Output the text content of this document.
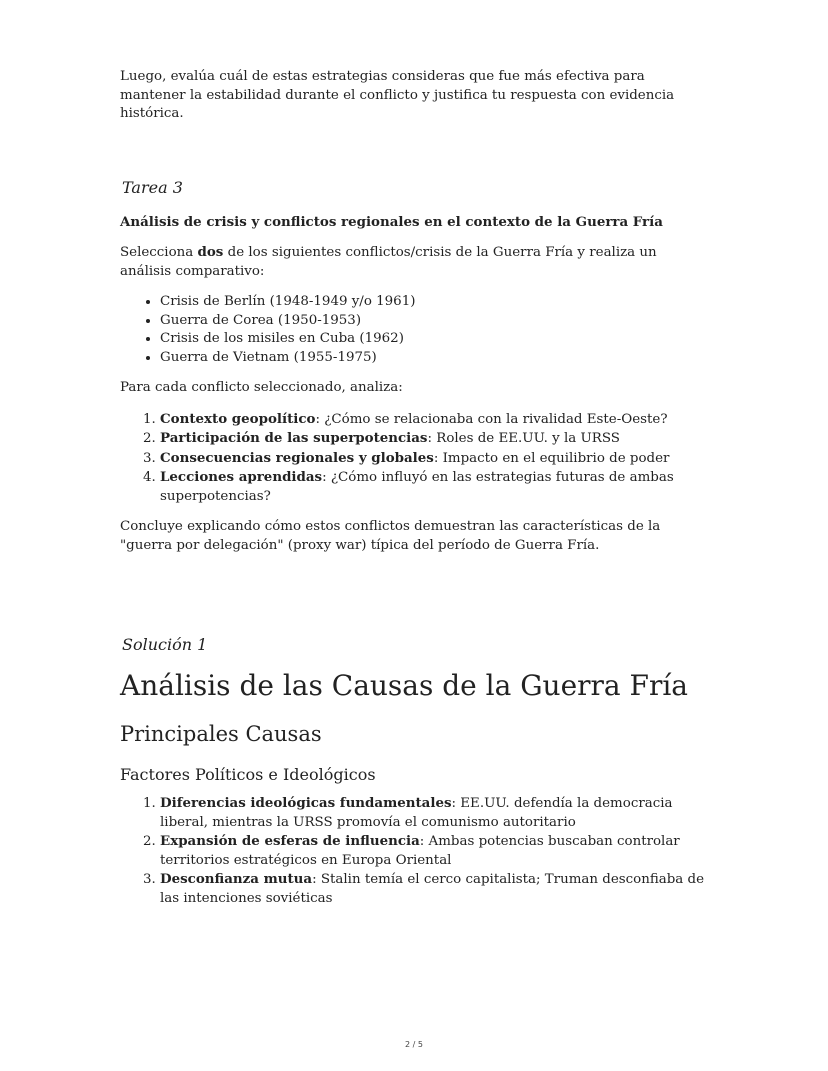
Luego, evalúa cuál de estas estrategias consideras que fue más efectiva para mantener la estabilidad durante el conflicto y justifica tu respuesta con evidencia histórica.

Tarea 3

Análisis de crisis y conflictos regionales en el contexto de la Guerra Fría

Selecciona dos de los siguientes conflictos/crisis de la Guerra Fría y realiza un análisis comparativo:

• Crisis de Berlín (1948-1949 y/o 1961)
• Guerra de Corea (1950-1953)
• Crisis de los misiles en Cuba (1962)
• Guerra de Vietnam (1955-1975)

Para cada conflicto seleccionado, analiza:

1. Contexto geopolítico: ¿Cómo se relacionaba con la rivalidad Este-Oeste?
2. Participación de las superpotencias: Roles de EE.UU. y la URSS
3. Consecuencias regionales y globales: Impacto en el equilibrio de poder
4. Lecciones aprendidas: ¿Cómo influyó en las estrategias futuras de ambas superpotencias?

Concluye explicando cómo estos conflictos demuestran las características de la "guerra por delegación" (proxy war) típica del período de Guerra Fría.

Solución 1
Análisis de las Causas de la Guerra Fría
Principales Causas
Factores Políticos e Ideológicos
1. Diferencias ideológicas fundamentales: EE.UU. defendía la democracia liberal, mientras la URSS promovía el comunismo autoritario
2. Expansión de esferas de influencia: Ambas potencias buscaban controlar territorios estratégicos en Europa Oriental
3. Desconfianza mutua: Stalin temía el cerco capitalista; Truman desconfiaba de las intenciones soviéticas
2 / 5
